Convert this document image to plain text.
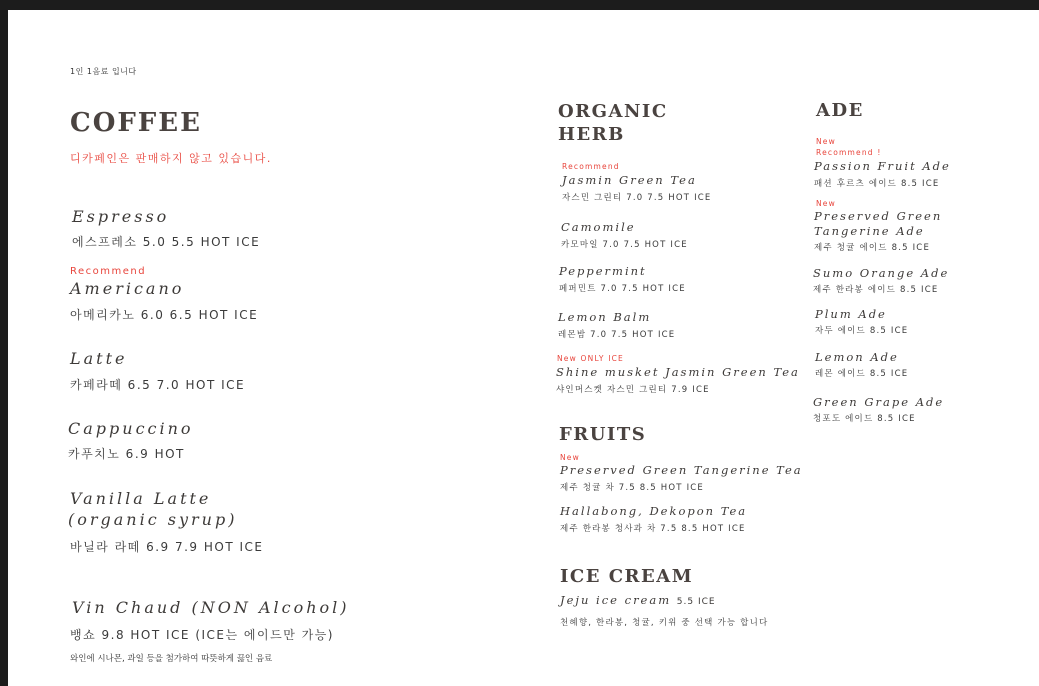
1인 1음료 입니다
COFFEE
디카페인은 판매하지 않고 있습니다.
Espresso
에스프레소 5.0 5.5 HOT ICE
Recommend
Americano
아메리카노 6.0 6.5 HOT ICE
Latte
카페라떼 6.5 7.0 HOT ICE
Cappuccino
카푸치노 6.9 HOT
Vanilla Latte
(organic syrup)
바닐라 라떼 6.9 7.9 HOT ICE
Vin Chaud (NON Alcohol)
뱅쇼 9.8 HOT ICE (ICE는 에이드만 가능)
와인에 시나몬, 과일 등을 첨가하여 따뜻하게 끓인 음료
ORGANIC
HERB
Recommend
Jasmin Green Tea
자스민 그린티 7.0 7.5 HOT ICE
Camomile
카모마일 7.0 7.5 HOT ICE
Peppermint
페퍼민트 7.0 7.5 HOT ICE
Lemon Balm
레몬밤 7.0 7.5 HOT ICE
New ONLY ICE
Shine musket Jasmin Green Tea
샤인머스켓 자스민 그린티 7.9 ICE
FRUITS
New
Preserved Green Tangerine Tea
제주 청귤 차 7.5 8.5 HOT ICE
Hallabong, Dekopon Tea
제주 한라봉 청사과 차 7.5 8.5 HOT ICE
ICE CREAM
Jeju ice cream 5.5 ICE
천혜향, 한라봉, 청귤, 키위 중 선택 가능 합니다
ADE
New
Recommend !
Passion Fruit Ade
패션 후르츠 에이드 8.5 ICE
New
Preserved Green
Tangerine Ade
제주 청귤 에이드 8.5 ICE
Sumo Orange Ade
제주 한라봉 에이드 8.5 ICE
Plum Ade
자두 에이드 8.5 ICE
Lemon Ade
레몬 에이드 8.5 ICE
Green Grape Ade
청포도 에이드 8.5 ICE
